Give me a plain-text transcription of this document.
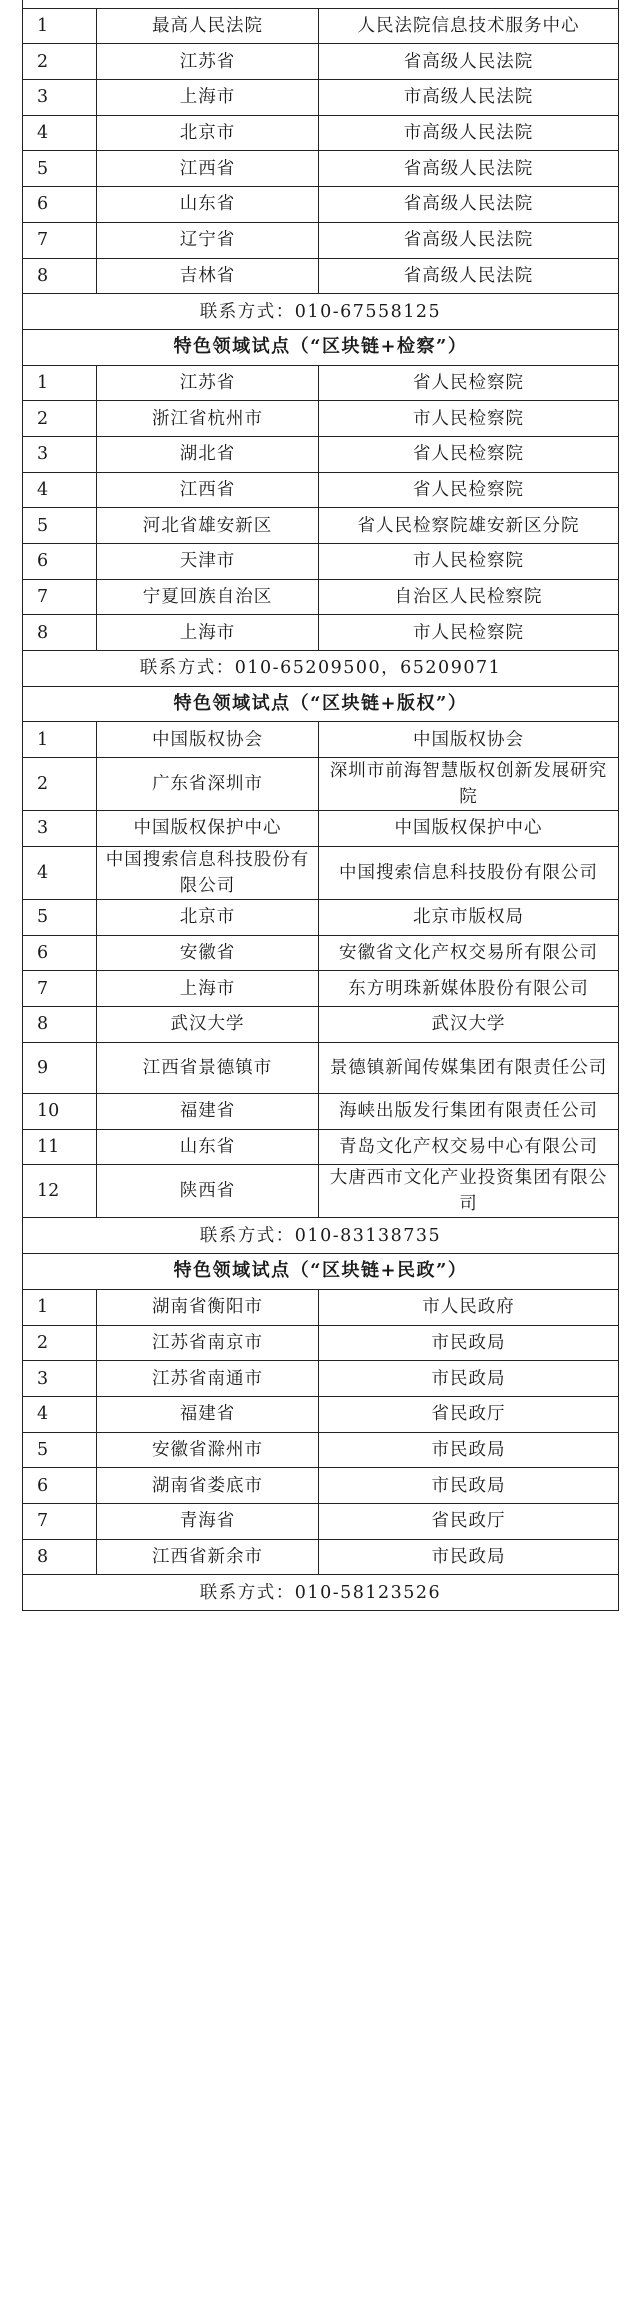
1	最高人民法院	人民法院信息技术服务中心
2	江苏省	省高级人民法院
3	上海市	市高级人民法院
4	北京市	市高级人民法院
5	江西省	省高级人民法院
6	山东省	省高级人民法院
7	辽宁省	省高级人民法院
8	吉林省	省高级人民法院
联系方式：010-67558125		
特色领域试点（“区块链+检察”）		
1	江苏省	省人民检察院
2	浙江省杭州市	市人民检察院
3	湖北省	省人民检察院
4	江西省	省人民检察院
5	河北省雄安新区	省人民检察院雄安新区分院
6	天津市	市人民检察院
7	宁夏回族自治区	自治区人民检察院
8	上海市	市人民检察院
联系方式：010-65209500，65209071		
特色领域试点（“区块链+版权”）		
1	中国版权协会	中国版权协会
2	广东省深圳市	深圳市前海智慧版权创新发展研究院
3	中国版权保护中心	中国版权保护中心
4	中国搜索信息科技股份有限公司	中国搜索信息科技股份有限公司
5	北京市	北京市版权局
6	安徽省	安徽省文化产权交易所有限公司
7	上海市	东方明珠新媒体股份有限公司
8	武汉大学	武汉大学
9	江西省景德镇市	景德镇新闻传媒集团有限责任公司
10	福建省	海峡出版发行集团有限责任公司
11	山东省	青岛文化产权交易中心有限公司
12	陕西省	大唐西市文化产业投资集团有限公司
联系方式：010-83138735		
特色领域试点（“区块链+民政”）		
1	湖南省衡阳市	市人民政府
2	江苏省南京市	市民政局
3	江苏省南通市	市民政局
4	福建省	省民政厅
5	安徽省滁州市	市民政局
6	湖南省娄底市	市民政局
7	青海省	省民政厅
8	江西省新余市	市民政局
联系方式：010-58123526		
